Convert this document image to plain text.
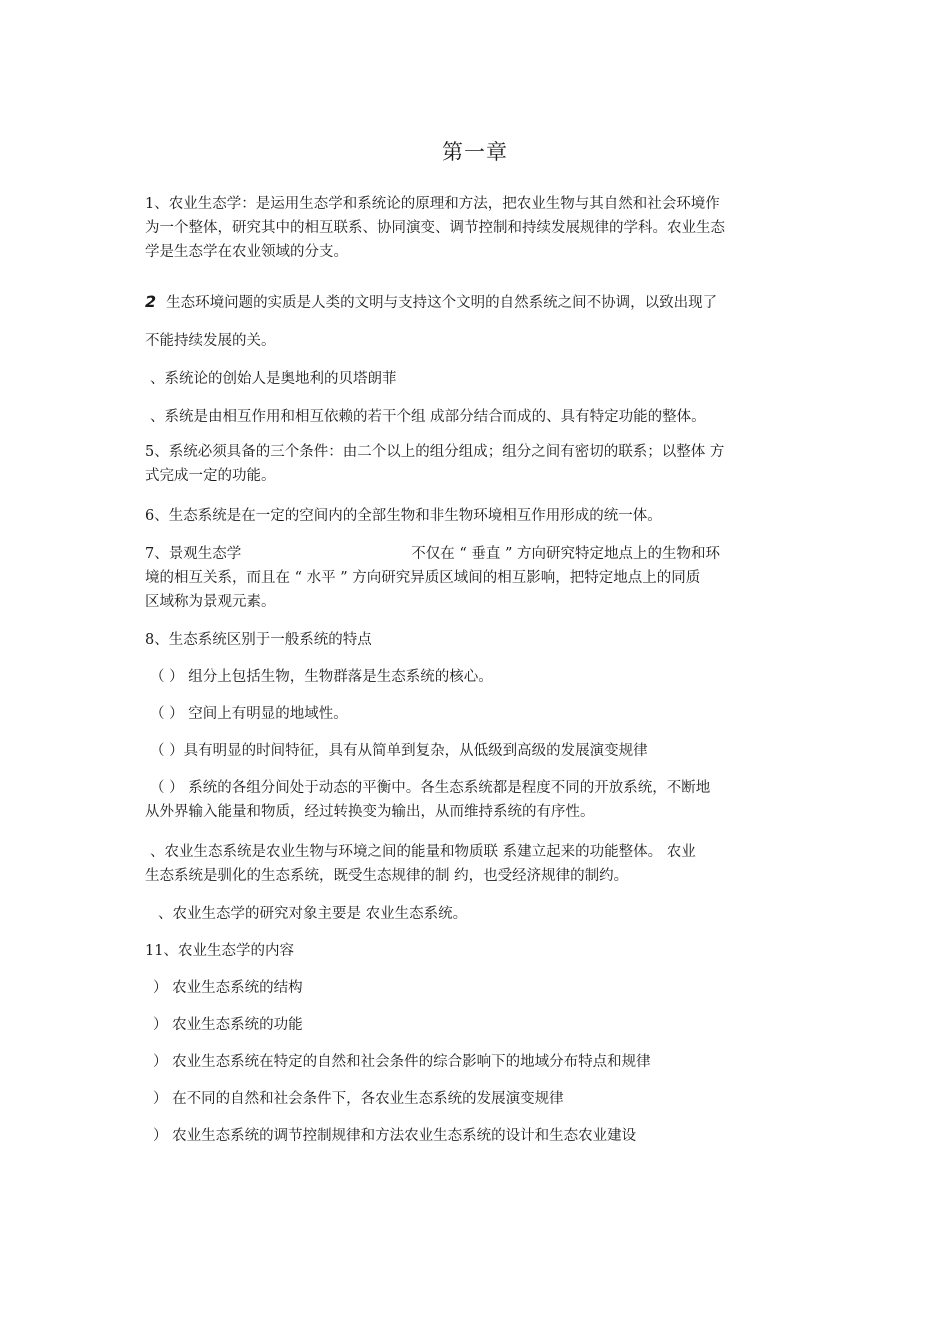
第一章
1、农业生态学：是运用生态学和系统论的原理和方法，把农业生物与其自然和社会环境作
为一个整体，研究其中的相互联系、协同演变、调节控制和持续发展规律的学科。农业生态
学是生态学在农业领域的分支。
2 生态环境问题的实质是人类的文明与支持这个文明的自然系统之间不协调，以致出现了
不能持续发展的关。
、系统论的创始人是奥地利的贝塔朗菲
、系统是由相互作用和相互依赖的若干个组 成部分结合而成的、具有特定功能的整体。
5、系统必须具备的三个条件：由二个以上的组分组成；组分之间有密切的联系；以整体 方
式完成一定的功能。
6、生态系统是在一定的空间内的全部生物和非生物环境相互作用形成的统一体。
7、景观生态学	不仅在 “ 垂直 ” 方向研究特定地点上的生物和环
境的相互关系，而且在 “ 水平 ” 方向研究异质区域间的相互影响，把特定地点上的同质
区域称为景观元素。
8、生态系统区别于一般系统的特点
（ ） 组分上包括生物，生物群落是生态系统的核心。
（ ） 空间上有明显的地域性。
（ ）具有明显的时间特征，具有从简单到复杂，从低级到高级的发展演变规律
（ ） 系统的各组分间处于动态的平衡中。各生态系统都是程度不同的开放系统，不断地
从外界输入能量和物质，经过转换变为输出，从而维持系统的有序性。
、农业生态系统是农业生物与环境之间的能量和物质联 系建立起来的功能整体。 农业
生态系统是驯化的生态系统，既受生态规律的制 约，也受经济规律的制约。
、农业生态学的研究对象主要是 农业生态系统。
11、农业生态学的内容
） 农业生态系统的结构
） 农业生态系统的功能
） 农业生态系统在特定的自然和社会条件的综合影响下的地域分布特点和规律
） 在不同的自然和社会条件下，各农业生态系统的发展演变规律
） 农业生态系统的调节控制规律和方法农业生态系统的设计和生态农业建设
